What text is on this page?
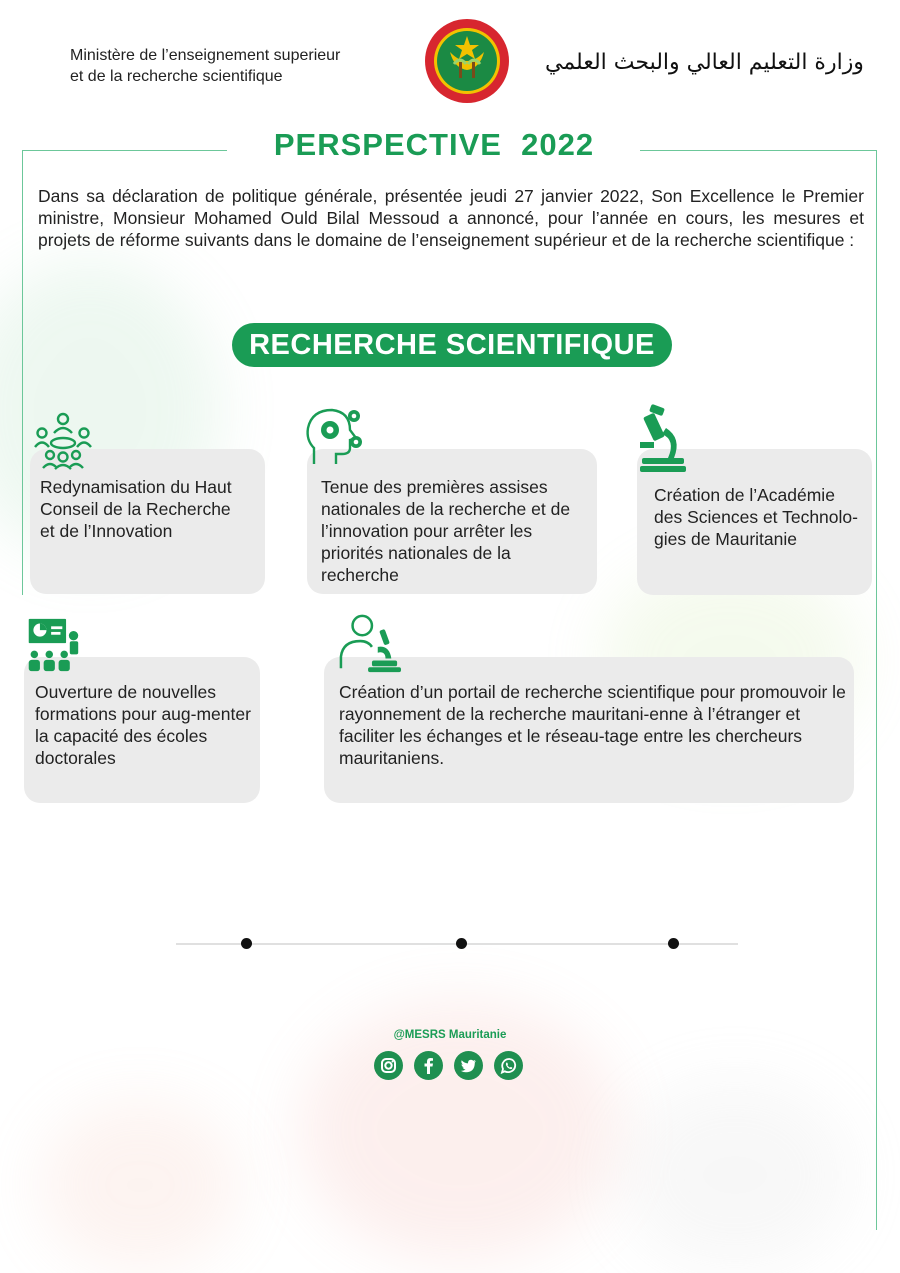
Ministère de l’enseignement superieur
et de la recherche scientifique
وزارة التعليم العالي والبحث العلمي
PERSPECTIVE  2022
Dans sa déclaration de politique générale, présentée jeudi 27 janvier 2022, Son Excellence le Premier ministre, Monsieur Mohamed Ould Bilal Messoud a annoncé, pour l’année en cours, les mesures et projets de réforme suivants dans le domaine de l’enseignement supérieur et de la recherche scientifique :
RECHERCHE SCIENTIFIQUE
Redynamisation du Haut Conseil de la Recherche et de l’Innovation
Tenue des premières assises nationales de la recherche et de l’innovation pour arrêter les priorités nationales de la recherche
Création de l’Académie des Sciences et Technolo-gies de Mauritanie
Ouverture de nouvelles formations pour aug-menter la capacité des écoles doctorales
Création d’un portail de recherche scientifique pour promouvoir le rayonnement de la recherche mauritani-enne à l’étranger et faciliter les échanges et le réseau-tage entre les chercheurs mauritaniens.
@MESRS Mauritanie
